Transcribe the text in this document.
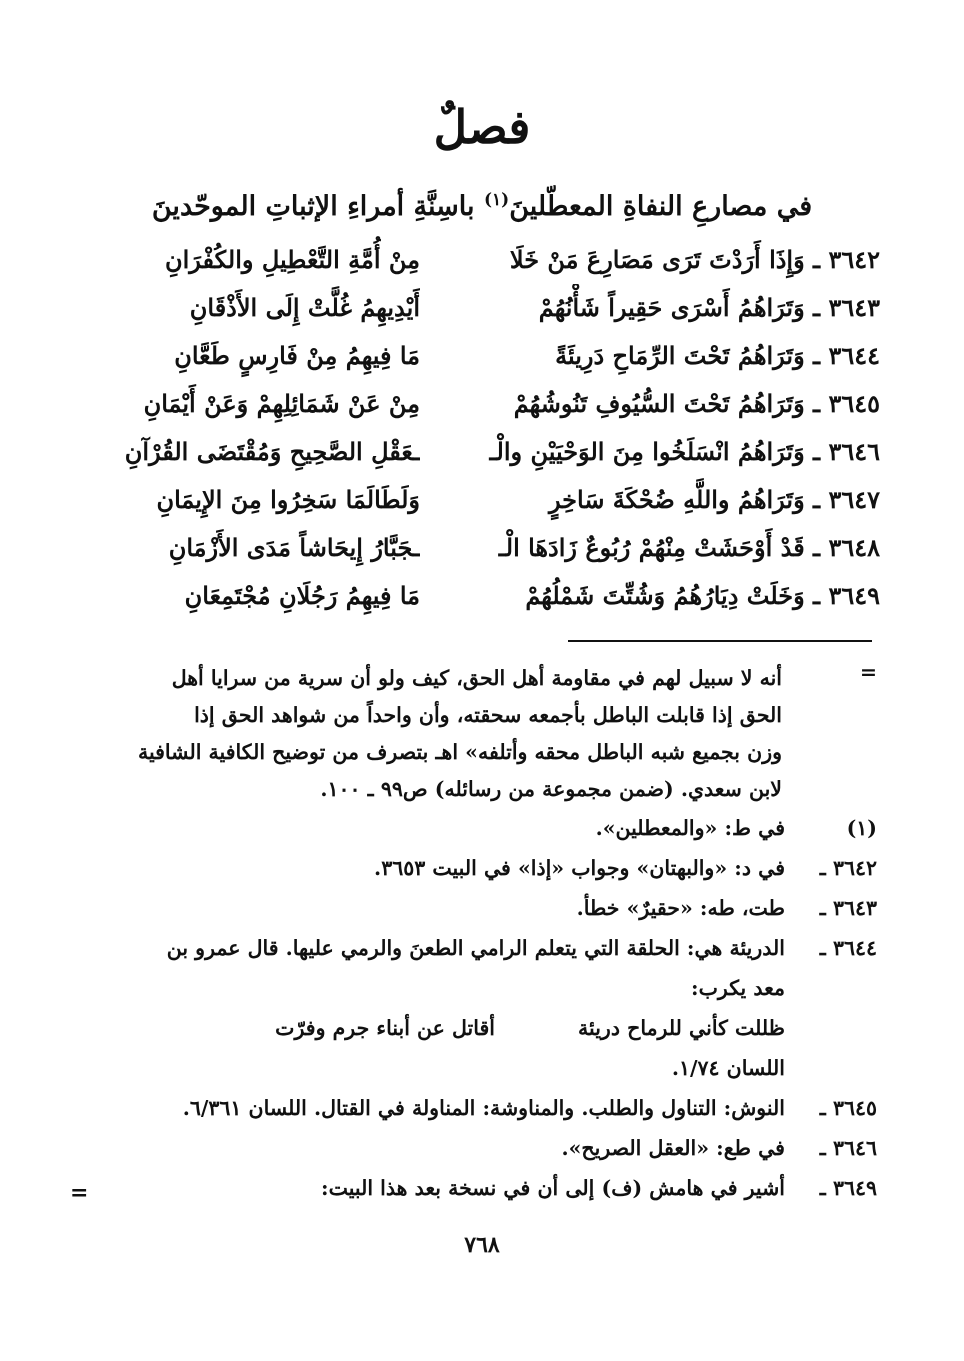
فصلٌ
في مصارعِ النفاةِ المعطّلينَ$^{(١)}$ باسِنَّةِ أمراءِ الإثباتِ الموحّدينَ
٣٦٤٢ ـ وَإِذَا أَرَدْتَ تَرَى مَصَارِعَ مَنْ خَلَا
مِنْ أُمَّةِ التَّعْطِيلِ والكُفْرَانِ
٣٦٤٣ ـ وَتَرَاهُمُ أَسْرَى حَقِيراً شَأْنُهُمْ
أَيْدِيهِمُ غُلَّتْ إِلَى الأَذْقَانِ
٣٦٤٤ ـ وَتَرَاهُمُ تَحْتَ الرِّمَاحِ دَرِيئَةً
مَا فِيهِمُ مِنْ فَارِسٍ طَعَّانِ
٣٦٤٥ ـ وَتَرَاهُمُ تَحْتَ السُّيُوفِ تَنُوشُهُمْ
مِنْ عَنْ شَمَائِلِهِمْ وَعَنْ أَيْمَانِ
٣٦٤٦ ـ وَتَرَاهُمُ انْسَلَخُوا مِنَ الوَحْيَيْنِ والْـ
ـعَقْلِ الصَّحِيحِ وَمُقْتَضَى القُرْآنِ
٣٦٤٧ ـ وَتَرَاهُمُ واللَّهِ ضُحْكَةَ سَاخِرٍ
وَلَطَالَمَا سَخِرُوا مِنَ الإِيمَانِ
٣٦٤٨ ـ قَدْ أَوْحَشَتْ مِنْهُمْ رُبُوعٌ زَادَهَا الْـ
ـجَبَّارُ إِيحَاشاً مَدَى الأَزْمَانِ
٣٦٤٩ ـ وَخَلَتْ دِيَارُهُمُ وَشُتِّتَ شَمْلُهُمْ
مَا فِيهِمُ رَجُلَانِ مُجْتَمِعَانِ
=

أنه لا سبيل لهم في مقاومة أهل الحق، كيف ولو أن سرية من سرايا أهل

الحق إذا قابلت الباطل بأجمعه سحقته، وأن واحداً من شواهد الحق إذا

وزن بجميع شبه الباطل محقه وأتلفه» اهـ بتصرف من توضيح الكافية الشافية

لابن سعدي. (ضمن مجموعة من رسائله) ص٩٩ ـ ١٠٠.

(١)
في ط: «والمعطلين».
٣٦٤٢ ـ
في د: «والبهتان» وجواب «إذا» في البيت ٣٦٥٣.
٣٦٤٣ ـ
طت، طه: «حقيرٌ» خطأ.
٣٦٤٤ ـ
الدريئة هي: الحلقة التي يتعلم الرامي الطعنَ والرمي عليها. قال عمرو بن
معد يكرب:
ظللت كأني للرماح دريئة
أقاتل عن أبناء جرم وفرّت
اللسان ١/٧٤.
٣٦٤٥ ـ
النوش: التناول والطلب. والمناوشة: المناولة في القتال. اللسان ٦/٣٦١.
٣٦٤٦ ـ
في طع: «العقل الصريح».
٣٦٤٩ ـ
أشير في هامش (ف) إلى أن في نسخة بعد هذا البيت:
=
٧٦٨
